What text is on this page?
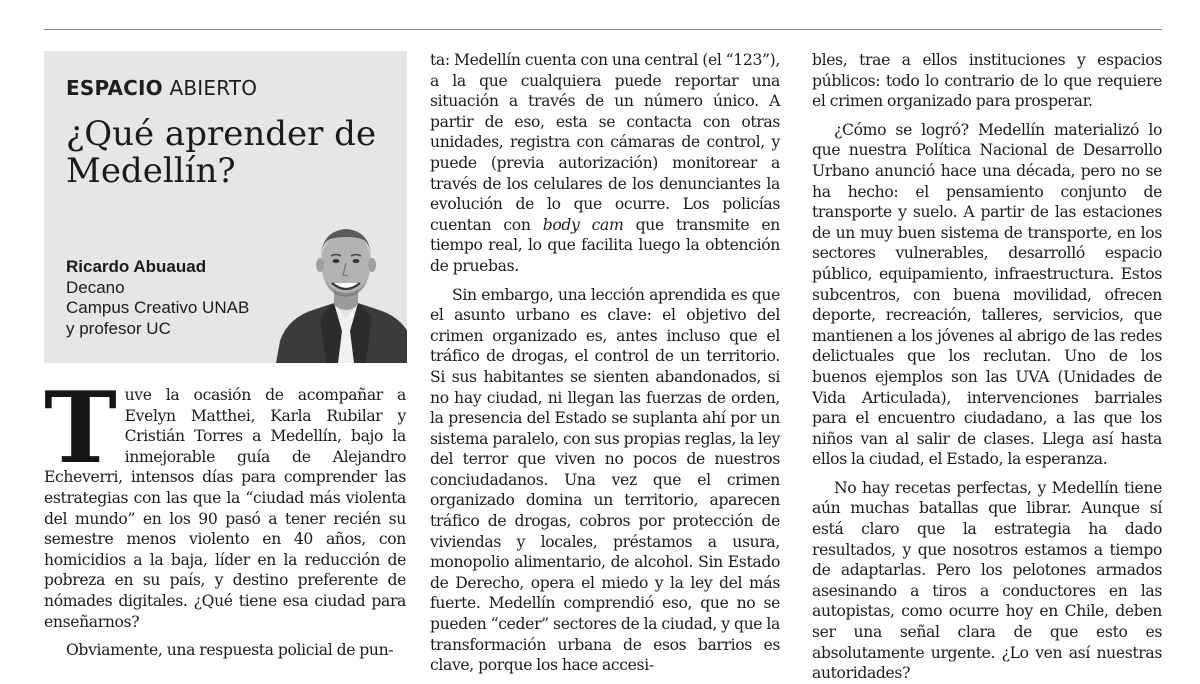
ESPACIO ABIERTO
¿Qué aprender de Medellín?
Ricardo Abuauad
Decano
Campus Creativo UNAB
y profesor UC

Tuve la ocasión de acompañar a Evelyn Matthei, Karla Rubilar y Cristián Torres a Medellín, bajo la inmejorable guía de Alejandro Echeverri, intensos días para comprender las estrategias con las que la “ciudad más violenta del mundo” en los 90 pasó a tener recién su semestre menos violento en 40 años, con homicidios a la baja, líder en la reducción de pobreza en su país, y destino preferente de nómades digitales. ¿Qué tiene esa ciudad para enseñarnos?

Obviamente, una respuesta policial de pun-

ta: Medellín cuenta con una central (el “123”), a la que cualquiera puede reportar una situación a través de un número único. A partir de eso, esta se contacta con otras unidades, registra con cámaras de control, y puede (previa autorización) monitorear a través de los celulares de los denunciantes la evolución de lo que ocurre. Los policías cuentan con body cam que transmite en tiempo real, lo que facilita luego la obtención de pruebas.

Sin embargo, una lección aprendida es que el asunto urbano es clave: el objetivo del crimen organizado es, antes incluso que el tráfico de drogas, el control de un territorio. Si sus habitantes se sienten abandonados, si no hay ciudad, ni llegan las fuerzas de orden, la presencia del Estado se suplanta ahí por un sistema paralelo, con sus propias reglas, la ley del terror que viven no pocos de nuestros conciudadanos. Una vez que el crimen organizado domina un territorio, aparecen tráfico de drogas, cobros por protección de viviendas y locales, préstamos a usura, monopolio alimentario, de alcohol. Sin Estado de Derecho, opera el miedo y la ley del más fuerte. Medellín comprendió eso, que no se pueden “ceder” sectores de la ciudad, y que la transformación urbana de esos barrios es clave, porque los hace accesi-

bles, trae a ellos instituciones y espacios públicos: todo lo contrario de lo que requiere el crimen organizado para prosperar.

¿Cómo se logró? Medellín materializó lo que nuestra Política Nacional de Desarrollo Urbano anunció hace una década, pero no se ha hecho: el pensamiento conjunto de transporte y suelo. A partir de las estaciones de un muy buen sistema de transporte, en los sectores vulnerables, desarrolló espacio público, equipamiento, infraestructura. Estos subcentros, con buena movilidad, ofrecen deporte, recreación, talleres, servicios, que mantienen a los jóvenes al abrigo de las redes delictuales que los reclutan. Uno de los buenos ejemplos son las UVA (Unidades de Vida Articulada), intervenciones barriales para el encuentro ciudadano, a las que los niños van al salir de clases. Llega así hasta ellos la ciudad, el Estado, la esperanza.

No hay recetas perfectas, y Medellín tiene aún muchas batallas que librar. Aunque sí está claro que la estrategia ha dado resultados, y que nosotros estamos a tiempo de adaptarlas. Pero los pelotones armados asesinando a tiros a conductores en las autopistas, como ocurre hoy en Chile, deben ser una señal clara de que esto es absolutamente urgente. ¿Lo ven así nuestras autoridades?
